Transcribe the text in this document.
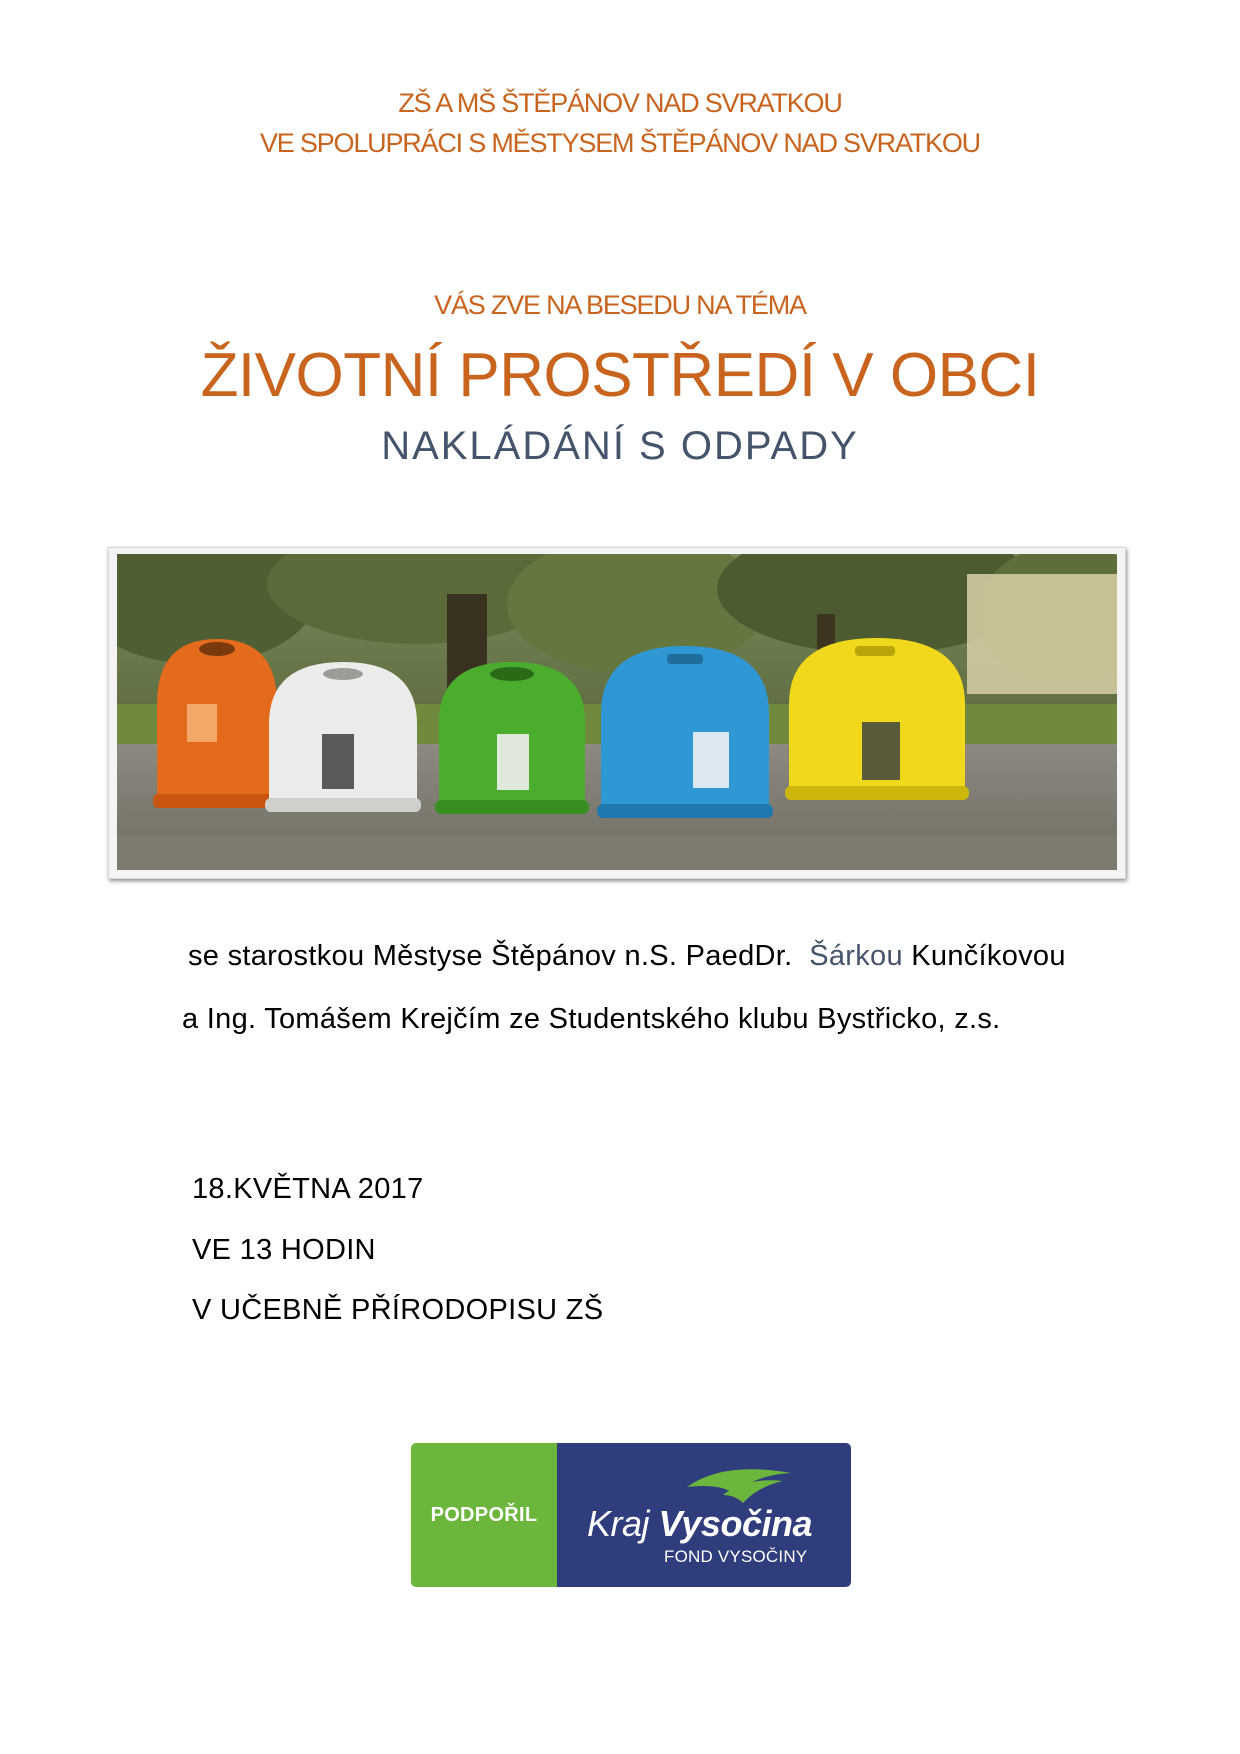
ZŠ A MŠ ŠTĚPÁNOV NAD SVRATKOU
VE SPOLUPRÁCI S MĚSTYSEM ŠTĚPÁNOV NAD SVRATKOU
VÁS ZVE NA BESEDU NA TÉMA
ŽIVOTNÍ PROSTŘEDÍ V OBCI
NAKLÁDÁNÍ S ODPADY
se starostkou Městyse Štěpánov n.S. PaedDr. Šárkou Kunčíkovou
a Ing. Tomášem Krejčím ze Studentského klubu Bystřicko, z.s.
18.KVĚTNA 2017
VE 13 HODIN
V UČEBNĚ PŘÍRODOPISU ZŠ
PODPOŘIL	Kraj Vysočina
FOND VYSOČINY
